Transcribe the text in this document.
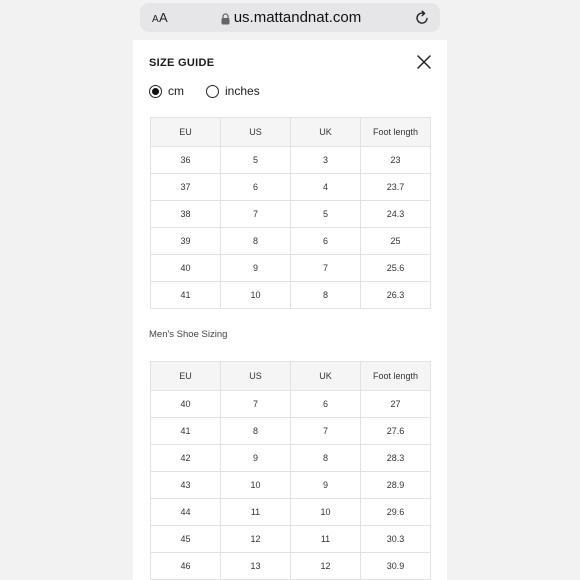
AA	us.mattandnat.com
SIZE GUIDE
cm	inches
EU	US	UK	Foot length
36	5	3	23
37	6	4	23.7
38	7	5	24.3
39	8	6	25
40	9	7	25.6
41	10	8	26.3
Men's Shoe Sizing
EU	US	UK	Foot length
40	7	6	27
41	8	7	27.6
42	9	8	28.3
43	10	9	28.9
44	11	10	29.6
45	12	11	30.3
46	13	12	30.9
